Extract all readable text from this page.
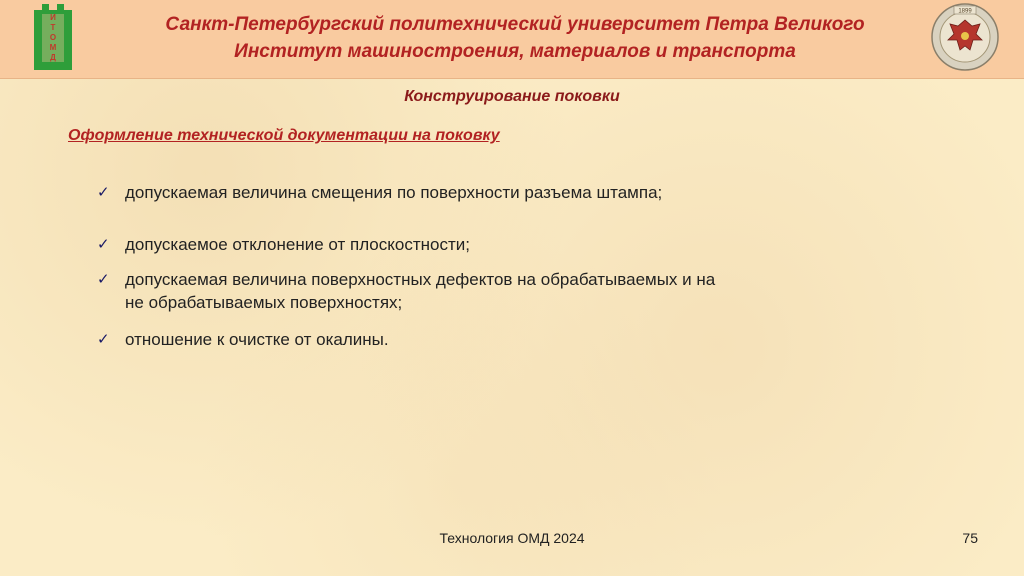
И
Т
О
М
Д
Санкт-Петербургский политехнический университет Петра Великого
Институт машиностроения, материалов и транспорта
1899
Конструирование поковки
Оформление технической документации на поковку
✓ допускаемая величина смещения по поверхности разъема штампа;
✓ допускаемое отклонение от плоскостности;
✓ допускаемая величина поверхностных дефектов на обрабатываемых и на не обрабатываемых поверхностях;
✓ отношение к очистке от окалины.
Технология ОМД 2024	75
